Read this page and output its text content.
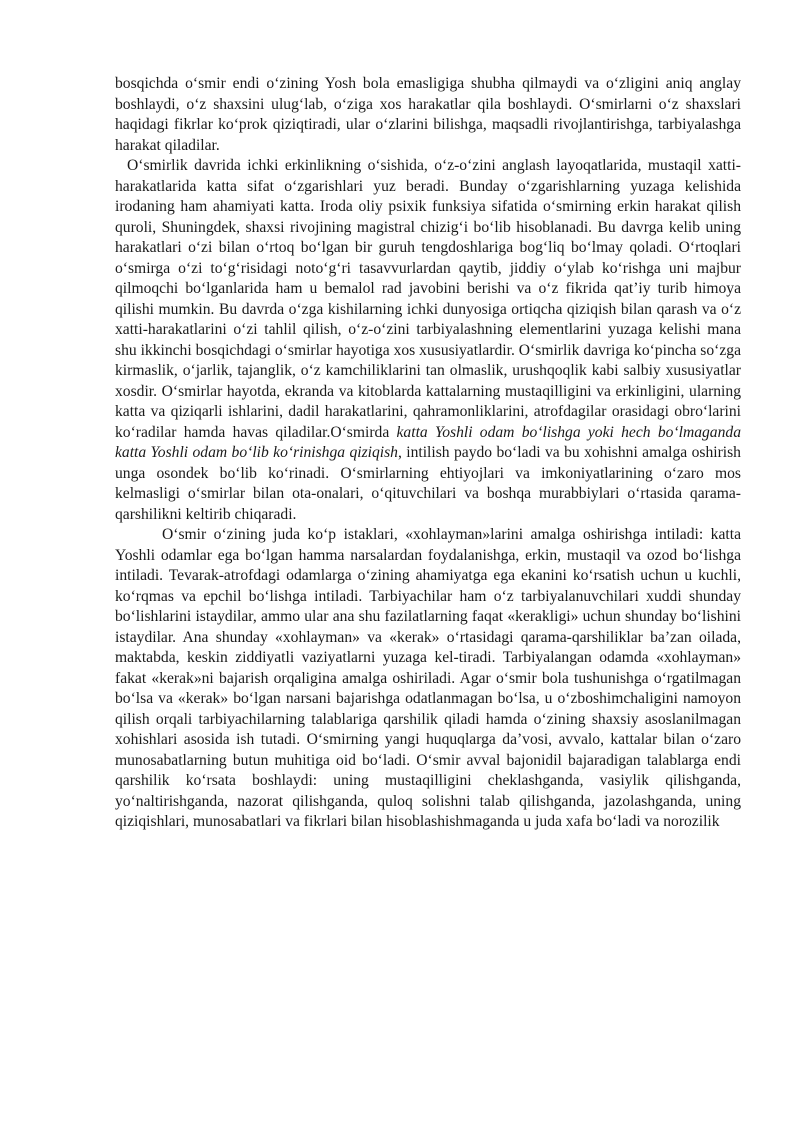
bosqichda o‘smir endi o‘zining Yosh bola emasligiga shubha qilmaydi va o‘zligini aniq anglay boshlaydi, o‘z shaxsini ulug‘lab, o‘ziga xos harakatlar qila boshlaydi. O‘smirlarni o‘z shaxslari haqidagi fikrlar ko‘prok qiziqtiradi, ular o‘zlarini bilishga, maqsadli rivojlantirishga, tarbiyalashga harakat qiladilar.

O‘smirlik davrida ichki erkinlikning o‘sishida, o‘z-o‘zini anglash layoqatlarida, mustaqil xatti-harakatlarida katta sifat o‘zgarishlari yuz beradi. Bunday o‘zgarishlarning yuzaga kelishida irodaning ham ahamiyati katta. Iroda oliy psixik funksiya sifatida o‘smirning erkin harakat qilish quroli, Shuningdek, shaxsi rivojining magistral chizig‘i bo‘lib hisoblanadi. Bu davrga kelib uning harakatlari o‘zi bilan o‘rtoq bo‘lgan bir guruh tengdoshlariga bog‘liq bo‘lmay qoladi. O‘rtoqlari o‘smirga o‘zi to‘g‘risidagi noto‘g‘ri tasavvurlardan qaytib, jiddiy o‘ylab ko‘rishga uni majbur qilmoqchi bo‘lganlarida ham u bemalol rad javobini berishi va o‘z fikrida qat’iy turib himoya qilishi mumkin. Bu davrda o‘zga kishilarning ichki dunyosiga ortiqcha qiziqish bilan qarash va o‘z xatti-harakatlarini o‘zi tahlil qilish, o‘z-o‘zini tarbiyalashning elementlarini yuzaga kelishi mana shu ikkinchi bosqichdagi o‘smirlar hayotiga xos xususiyatlardir. O‘smirlik davriga ko‘pincha so‘zga kirmaslik, o‘jarlik, tajanglik, o‘z kamchiliklarini tan olmaslik, urushqoqlik kabi salbiy xususiyatlar xosdir. O‘smirlar hayotda, ekranda va kitoblarda kattalarning mustaqilligini va erkinligini, ularning katta va qiziqarli ishlarini, dadil harakatlarini, qahramonliklarini, atrofdagilar orasidagi obro‘larini ko‘radilar hamda havas qiladilar.O‘smirda katta Yoshli odam bo‘lishga yoki hech bo‘lmaganda katta Yoshli odam bo‘lib ko‘rinishga qiziqish, intilish paydo bo‘ladi va bu xohishni amalga oshirish unga osondek bo‘lib ko‘rinadi. O‘smirlarning ehtiyojlari va imkoniyatlarining o‘zaro mos kelmasligi o‘smirlar bilan ota-onalari, o‘qituvchilari va boshqa murabbiylari o‘rtasida qarama-qarshilikni keltirib chiqaradi.

O‘smir o‘zining juda ko‘p istaklari, «xohlayman»larini amalga oshirishga intiladi: katta Yoshli odamlar ega bo‘lgan hamma narsalardan foydalanishga, erkin, mustaqil va ozod bo‘lishga intiladi. Tevarak-atrofdagi odamlarga o‘zining ahamiyatga ega ekanini ko‘rsatish uchun u kuchli, ko‘rqmas va epchil bo‘lishga intiladi. Tarbiyachilar ham o‘z tarbiyalanuvchilari xuddi shunday bo‘lishlarini istaydilar, ammo ular ana shu fazilatlarning faqat «kerakligi» uchun shunday bo‘lishini istaydilar. Ana shunday «xohlayman» va «kerak» o‘rtasidagi qarama-qarshiliklar ba’zan oilada, maktabda, keskin ziddiyatli vaziyatlarni yuzaga kel-tiradi. Tarbiyalangan odamda «xohlayman» fakat «kerak»ni bajarish orqaligina amalga oshiriladi. Agar o‘smir bola tushunishga o‘rgatilmagan bo‘lsa va «kerak» bo‘lgan narsani bajarishga odatlanmagan bo‘lsa, u o‘zboshimchaligini namoyon qilish orqali tarbiyachilarning talablariga qarshilik qiladi hamda o‘zining shaxsiy asoslanilmagan xohishlari asosida ish tutadi. O‘smirning yangi huquqlarga da’vosi, avvalo, kattalar bilan o‘zaro munosabatlarning butun muhitiga oid bo‘ladi. O‘smir avval bajonidil bajaradigan talablarga endi qarshilik ko‘rsata boshlaydi: uning mustaqilligini cheklashganda, vasiylik qilishganda, yo‘naltirishganda, nazorat qilishganda, quloq solishni talab qilishganda, jazolashganda, uning qiziqishlari, munosabatlari va fikrlari bilan hisoblashishmaganda u juda xafa bo‘ladi va norozilik
